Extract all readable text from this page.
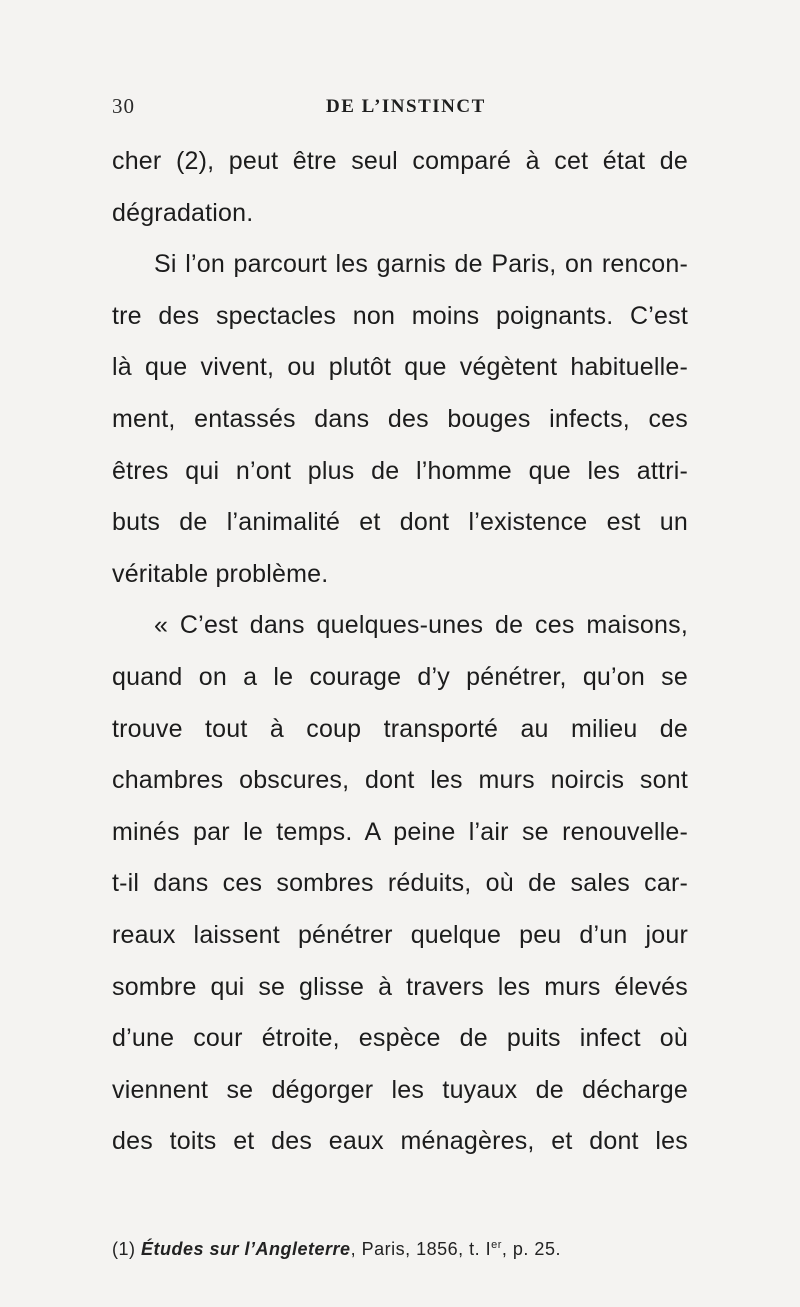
30	DE L’INSTINCT
cher (2), peut être seul comparé à cet état de
dégradation.
Si l’on parcourt les garnis de Paris, on rencon-
tre des spectacles non moins poignants. C’est
là que vivent, ou plutôt que végètent habituelle-
ment, entassés dans des bouges infects, ces
êtres qui n’ont plus de l’homme que les attri-
buts de l’animalité et dont l’existence est un
véritable problème.
« C’est dans quelques-unes de ces maisons,
quand on a le courage d’y pénétrer, qu’on se
trouve tout à coup transporté au milieu de
chambres obscures, dont les murs noircis sont
minés par le temps. A peine l’air se renouvelle-
t-il dans ces sombres réduits, où de sales car-
reaux laissent pénétrer quelque peu d’un jour
sombre qui se glisse à travers les murs élevés
d’une cour étroite, espèce de puits infect où
viennent se dégorger les tuyaux de décharge
des toits et des eaux ménagères, et dont les
(1) Études sur l’Angleterre, Paris, 1856, t. Ier, p. 25.
